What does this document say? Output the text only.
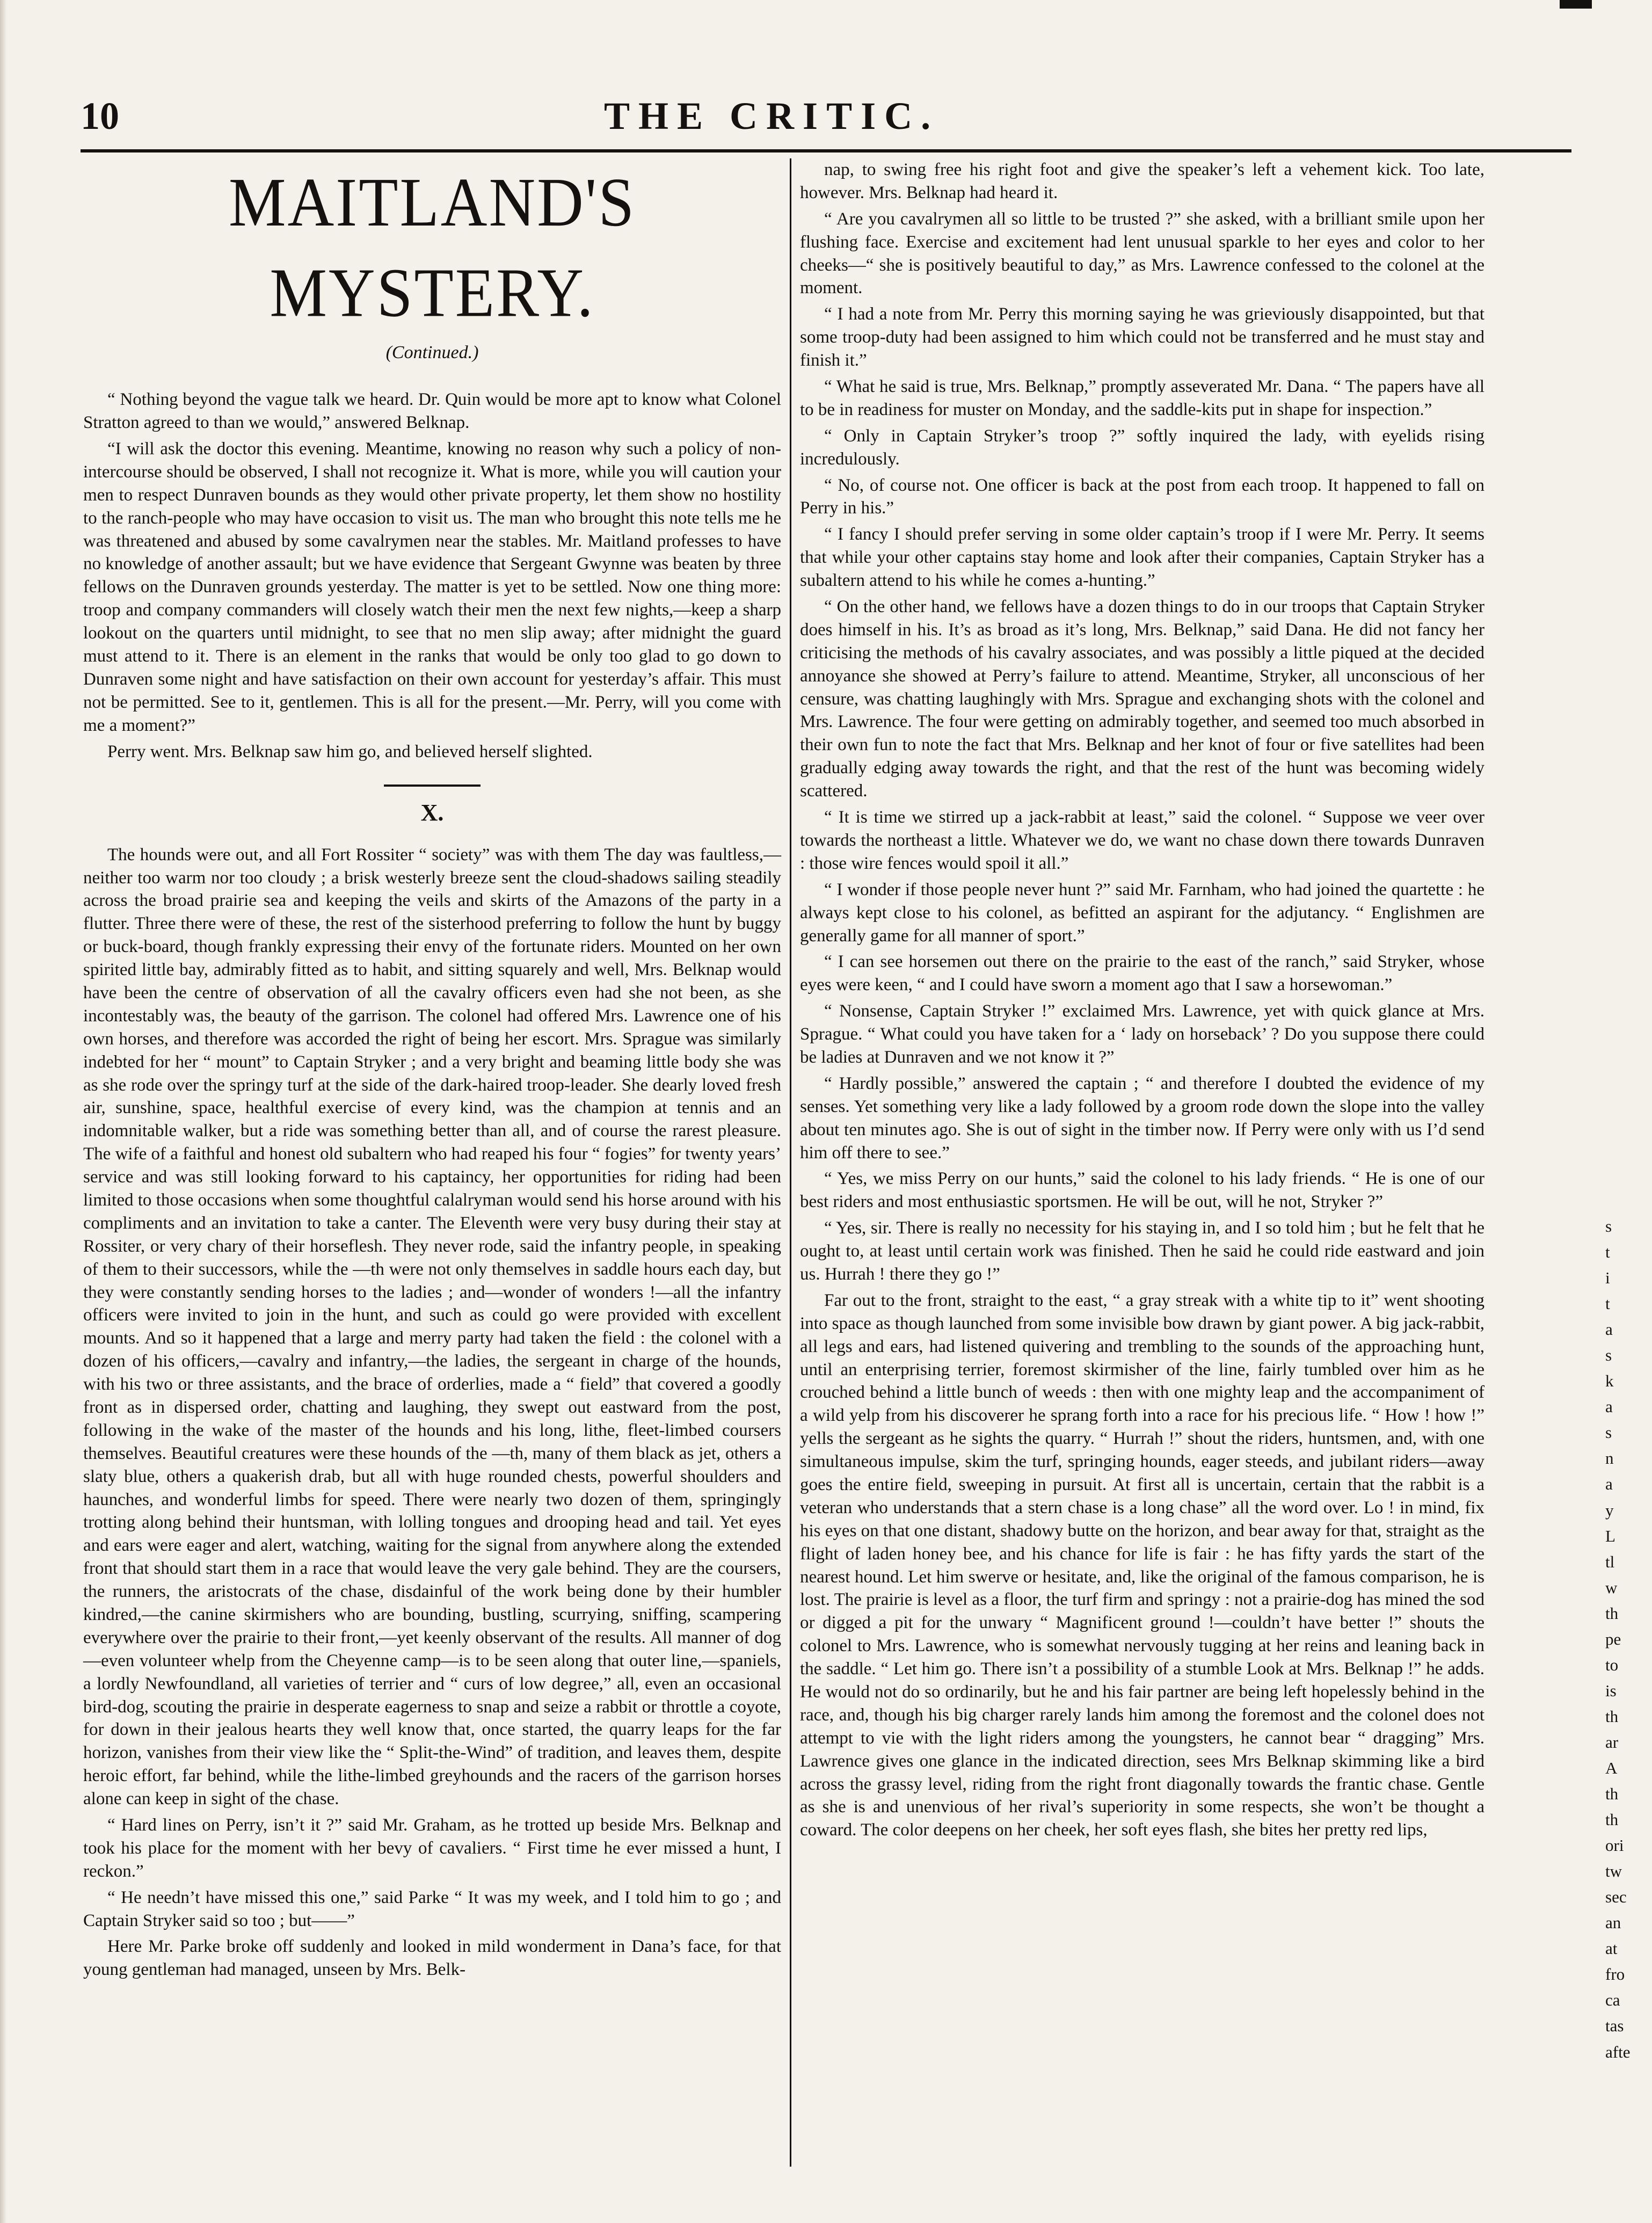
10	THE CRITIC.
MAITLAND'S MYSTERY.
(Continued.)

“ Nothing beyond the vague talk we heard. Dr. Quin would be more apt to know what Colonel Stratton agreed to than we would,” answered Belknap.

“I will ask the doctor this evening. Meantime, knowing no reason why such a policy of non-intercourse should be observed, I shall not recognize it. What is more, while you will caution your men to respect Dunraven bounds as they would other private property, let them show no hostility to the ranch-people who may have occasion to visit us. The man who brought this note tells me he was threatened and abused by some cavalrymen near the stables. Mr. Maitland professes to have no knowledge of another assault; but we have evidence that Sergeant Gwynne was beaten by three fellows on the Dunraven grounds yesterday. The matter is yet to be settled. Now one thing more: troop and company commanders will closely watch their men the next few nights,—keep a sharp lookout on the quarters until midnight, to see that no men slip away; after midnight the guard must attend to it. There is an element in the ranks that would be only too glad to go down to Dunraven some night and have satisfaction on their own account for yesterday’s affair. This must not be permitted. See to it, gentlemen. This is all for the present.—Mr. Perry, will you come with me a moment?”

Perry went. Mrs. Belknap saw him go, and believed herself slighted.

X.

The hounds were out, and all Fort Rossiter “ society” was with them The day was faultless,—neither too warm nor too cloudy ; a brisk westerly breeze sent the cloud-shadows sailing steadily across the broad prairie sea and keeping the veils and skirts of the Amazons of the party in a flutter. Three there were of these, the rest of the sisterhood preferring to follow the hunt by buggy or buck-board, though frankly expressing their envy of the fortunate riders. Mounted on her own spirited little bay, admirably fitted as to habit, and sitting squarely and well, Mrs. Belknap would have been the centre of observation of all the cavalry officers even had she not been, as she incontestably was, the beauty of the garrison. The colonel had offered Mrs. Lawrence one of his own horses, and therefore was accorded the right of being her escort. Mrs. Sprague was similarly indebted for her “ mount” to Captain Stryker ; and a very bright and beaming little body she was as she rode over the springy turf at the side of the dark-haired troop-leader. She dearly loved fresh air, sunshine, space, healthful exercise of every kind, was the champion at tennis and an indomnitable walker, but a ride was something better than all, and of course the rarest pleasure. The wife of a faithful and honest old subaltern who had reaped his four “ fogies” for twenty years’ service and was still looking forward to his captaincy, her opportunities for riding had been limited to those occasions when some thoughtful calalryman would send his horse around with his compliments and an invitation to take a canter. The Eleventh were very busy during their stay at Rossiter, or very chary of their horseflesh. They never rode, said the infantry people, in speaking of them to their successors, while the —th were not only themselves in saddle hours each day, but they were constantly sending horses to the ladies ; and—wonder of wonders !—all the infantry officers were invited to join in the hunt, and such as could go were provided with excellent mounts. And so it happened that a large and merry party had taken the field : the colonel with a dozen of his officers,—cavalry and infantry,—the ladies, the sergeant in charge of the hounds, with his two or three assistants, and the brace of orderlies, made a “ field” that covered a goodly front as in dispersed order, chatting and laughing, they swept out eastward from the post, following in the wake of the master of the hounds and his long, lithe, fleet-limbed coursers themselves. Beautiful creatures were these hounds of the —th, many of them black as jet, others a slaty blue, others a quakerish drab, but all with huge rounded chests, powerful shoulders and haunches, and wonderful limbs for speed. There were nearly two dozen of them, springingly trotting along behind their huntsman, with lolling tongues and drooping head and tail. Yet eyes and ears were eager and alert, watching, waiting for the signal from anywhere along the extended front that should start them in a race that would leave the very gale behind. They are the coursers, the runners, the aristocrats of the chase, disdainful of the work being done by their humbler kindred,—the canine skirmishers who are bounding, bustling, scurrying, sniffing, scampering everywhere over the prairie to their front,—yet keenly observant of the results. All manner of dog—even volunteer whelp from the Cheyenne camp—is to be seen along that outer line,—spaniels, a lordly Newfoundland, all varieties of terrier and “ curs of low degree,” all, even an occasional bird-dog, scouting the prairie in desperate eagerness to snap and seize a rabbit or throttle a coyote, for down in their jealous hearts they well know that, once started, the quarry leaps for the far horizon, vanishes from their view like the “ Split-the-Wind” of tradition, and leaves them, despite heroic effort, far behind, while the lithe-limbed greyhounds and the racers of the garrison horses alone can keep in sight of the chase.

“ Hard lines on Perry, isn’t it ?” said Mr. Graham, as he trotted up beside Mrs. Belknap and took his place for the moment with her bevy of cavaliers. “ First time he ever missed a hunt, I reckon.”

“ He needn’t have missed this one,” said Parke “ It was my week, and I told him to go ; and Captain Stryker said so too ; but——”

Here Mr. Parke broke off suddenly and looked in mild wonderment in Dana’s face, for that young gentleman had managed, unseen by Mrs. Belk-

nap, to swing free his right foot and give the speaker’s left a vehement kick. Too late, however. Mrs. Belknap had heard it.

“ Are you cavalrymen all so little to be trusted ?” she asked, with a brilliant smile upon her flushing face. Exercise and excitement had lent unusual sparkle to her eyes and color to her cheeks—“ she is positively beautiful to day,” as Mrs. Lawrence confessed to the colonel at the moment.

“ I had a note from Mr. Perry this morning saying he was grieviously disappointed, but that some troop-duty had been assigned to him which could not be transferred and he must stay and finish it.”

“ What he said is true, Mrs. Belknap,” promptly asseverated Mr. Dana. “ The papers have all to be in readiness for muster on Monday, and the saddle-kits put in shape for inspection.”

“ Only in Captain Stryker’s troop ?” softly inquired the lady, with eyelids rising incredulously.

“ No, of course not. One officer is back at the post from each troop. It happened to fall on Perry in his.”

“ I fancy I should prefer serving in some older captain’s troop if I were Mr. Perry. It seems that while your other captains stay home and look after their companies, Captain Stryker has a subaltern attend to his while he comes a-hunting.”

“ On the other hand, we fellows have a dozen things to do in our troops that Captain Stryker does himself in his. It’s as broad as it’s long, Mrs. Belknap,” said Dana. He did not fancy her criticising the methods of his cavalry associates, and was possibly a little piqued at the decided annoyance she showed at Perry’s failure to attend. Meantime, Stryker, all unconscious of her censure, was chatting laughingly with Mrs. Sprague and exchanging shots with the colonel and Mrs. Lawrence. The four were getting on admirably together, and seemed too much absorbed in their own fun to note the fact that Mrs. Belknap and her knot of four or five satellites had been gradually edging away towards the right, and that the rest of the hunt was becoming widely scattered.

“ It is time we stirred up a jack-rabbit at least,” said the colonel. “ Suppose we veer over towards the northeast a little. Whatever we do, we want no chase down there towards Dunraven : those wire fences would spoil it all.”

“ I wonder if those people never hunt ?” said Mr. Farnham, who had joined the quartette : he always kept close to his colonel, as befitted an aspirant for the adjutancy. “ Englishmen are generally game for all manner of sport.”

“ I can see horsemen out there on the prairie to the east of the ranch,” said Stryker, whose eyes were keen, “ and I could have sworn a moment ago that I saw a horsewoman.”

“ Nonsense, Captain Stryker !” exclaimed Mrs. Lawrence, yet with quick glance at Mrs. Sprague. “ What could you have taken for a ‘ lady on horseback’ ? Do you suppose there could be ladies at Dunraven and we not know it ?”

“ Hardly possible,” answered the captain ; “ and therefore I doubted the evidence of my senses. Yet something very like a lady followed by a groom rode down the slope into the valley about ten minutes ago. She is out of sight in the timber now. If Perry were only with us I’d send him off there to see.”

“ Yes, we miss Perry on our hunts,” said the colonel to his lady friends. “ He is one of our best riders and most enthusiastic sportsmen. He will be out, will he not, Stryker ?”

“ Yes, sir. There is really no necessity for his staying in, and I so told him ; but he felt that he ought to, at least until certain work was finished. Then he said he could ride eastward and join us. Hurrah ! there they go !”

Far out to the front, straight to the east, “ a gray streak with a white tip to it” went shooting into space as though launched from some invisible bow drawn by giant power. A big jack-rabbit, all legs and ears, had listened quivering and trembling to the sounds of the approaching hunt, until an enterprising terrier, foremost skirmisher of the line, fairly tumbled over him as he crouched behind a little bunch of weeds : then with one mighty leap and the accompaniment of a wild yelp from his discoverer he sprang forth into a race for his precious life. “ How ! how !” yells the sergeant as he sights the quarry. “ Hurrah !” shout the riders, huntsmen, and, with one simultaneous impulse, skim the turf, springing hounds, eager steeds, and jubilant riders—away goes the entire field, sweeping in pursuit. At first all is uncertain, certain that the rabbit is a veteran who understands that a stern chase is a long chase” all the word over. Lo ! in mind, fix his eyes on that one distant, shadowy butte on the horizon, and bear away for that, straight as the flight of laden honey bee, and his chance for life is fair : he has fifty yards the start of the nearest hound. Let him swerve or hesitate, and, like the original of the famous comparison, he is lost. The prairie is level as a floor, the turf firm and springy : not a prairie-dog has mined the sod or digged a pit for the unwary “ Magnificent ground !—couldn’t have better !” shouts the colonel to Mrs. Lawrence, who is somewhat nervously tugging at her reins and leaning back in the saddle. “ Let him go. There isn’t a possibility of a stumble Look at Mrs. Belknap !” he adds. He would not do so ordinarily, but he and his fair partner are being left hopelessly behind in the race, and, though his big charger rarely lands him among the foremost and the colonel does not attempt to vie with the light riders among the youngsters, he cannot bear “ dragging” Mrs. Lawrence gives one glance in the indicated direction, sees Mrs Belknap skimming like a bird across the grassy level, riding from the right front diagonally towards the frantic chase. Gentle as she is and unenvious of her rival’s superiority in some respects, she won’t be thought a coward. The color deepens on her cheek, her soft eyes flash, she bites her pretty red lips,

s
t
i
t
a
s
k
a
s
n
a
y
L
tl
w
th
pe
to
is
th
ar
A
th
th
ori
tw
sec
an
at
fro
ca
tas
afte
